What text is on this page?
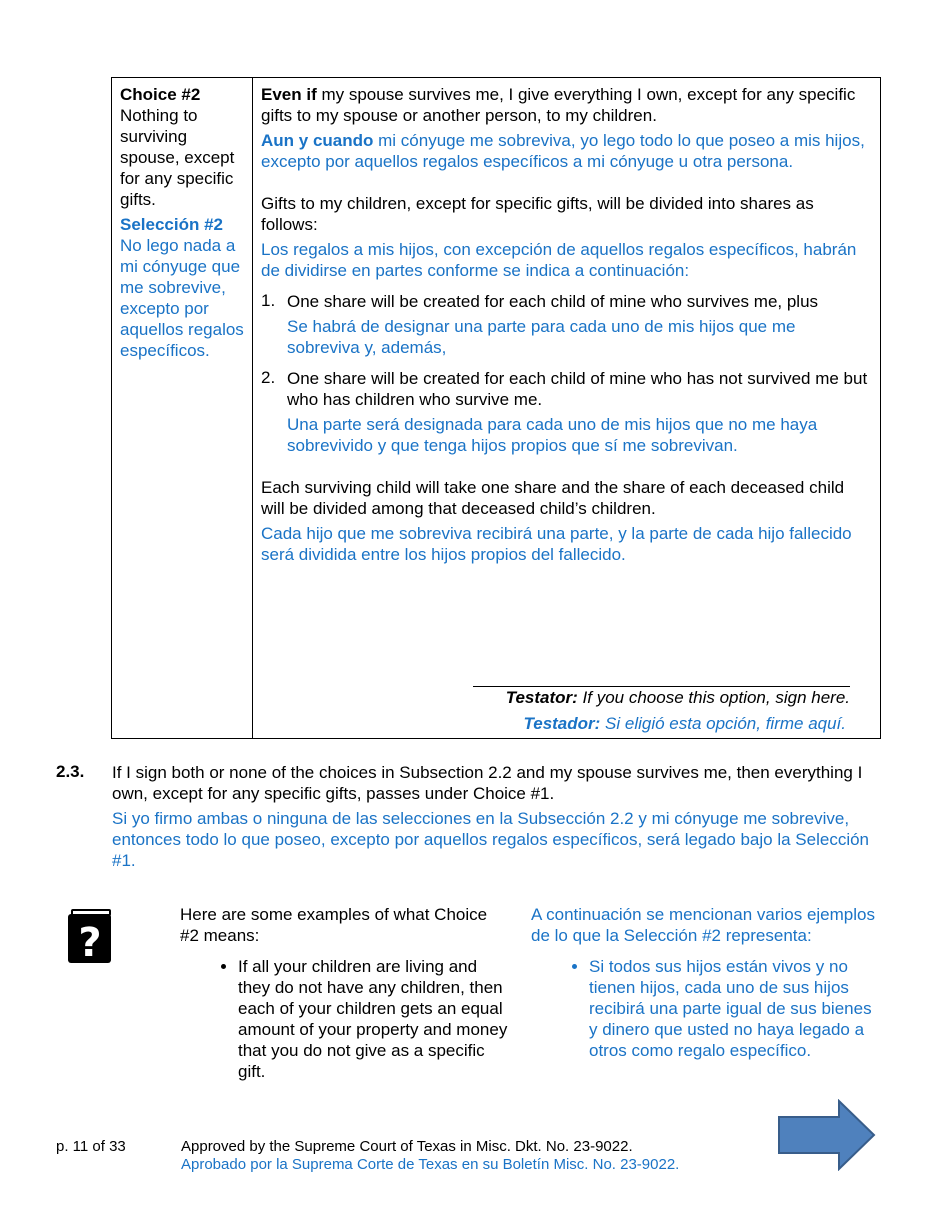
Choice #2

Nothing to surviving spouse, except for any specific gifts.

Selección #2

No lego nada a mi cónyuge que me sobrevive, excepto por aquellos regalos específicos.

Even if my spouse survives me, I give everything I own, except for any specific gifts to my spouse or another person, to my children.

Aun y cuando mi cónyuge me sobreviva, yo lego todo lo que poseo a mis hijos, excepto por aquellos regalos específicos a mi cónyuge u otra persona.

Gifts to my children, except for specific gifts, will be divided into shares as follows:

Los regalos a mis hijos, con excepción de aquellos regalos específicos, habrán de dividirse en partes conforme se indica a continuación:

1. One share will be created for each child of mine who survives me, plus

Se habrá de designar una parte para cada uno de mis hijos que me sobreviva y, además,

2. One share will be created for each child of mine who has not survived me but who has children who survive me.

Una parte será designada para cada uno de mis hijos que no me haya sobrevivido y que tenga hijos propios que sí me sobrevivan.

Each surviving child will take one share and the share of each deceased child will be divided among that deceased child’s children.

Cada hijo que me sobreviva recibirá una parte, y la parte de cada hijo fallecido será dividida entre los hijos propios del fallecido.

Testator: If you choose this option, sign here.
Testador: Si eligió esta opción, firme aquí.
2.3. If I sign both or none of the choices in Subsection 2.2 and my spouse survives me, then everything I own, except for any specific gifts, passes under Choice #1.

Si yo firmo ambas o ninguna de las selecciones en la Subsección 2.2 y mi cónyuge me sobrevive, entonces todo lo que poseo, excepto por aquellos regalos específicos, será legado bajo la Selección #1.

?

Here are some examples of what Choice #2 means:

• If all your children are living and they do not have any children, then each of your children gets an equal amount of your property and money that you do not give as a specific gift.

A continuación se mencionan varios ejemplos de lo que la Selección #2 representa:

• Si todos sus hijos están vivos y no tienen hijos, cada uno de sus hijos recibirá una parte igual de sus bienes y dinero que usted no haya legado a otros como regalo específico.
p. 11 of 33	Approved by the Supreme Court of Texas in Misc. Dkt. No. 23-9022.
Aprobado por la Suprema Corte de Texas en su Boletín Misc. No. 23-9022.
